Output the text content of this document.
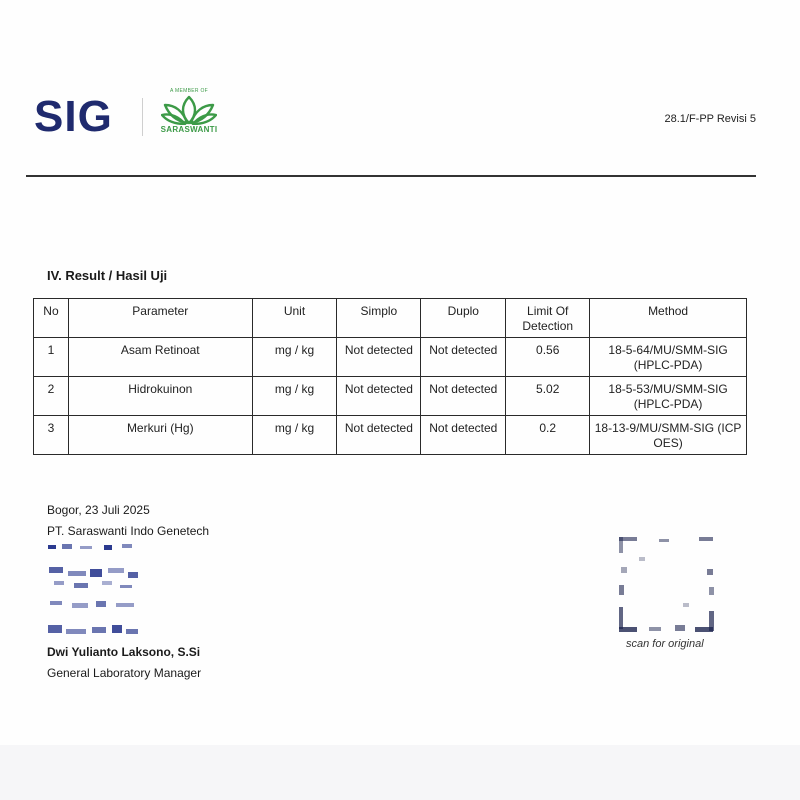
SIG
A MEMBER OF
SARASWANTI
28.1/F-PP Revisi 5
IV. Result / Hasil Uji
No	Parameter	Unit	Simplo	Duplo	Limit Of Detection	Method
1	Asam Retinoat	mg / kg	Not detected	Not detected	0.56	18-5-64/MU/SMM-SIG (HPLC-PDA)
2	Hidrokuinon	mg / kg	Not detected	Not detected	5.02	18-5-53/MU/SMM-SIG (HPLC-PDA)
3	Merkuri (Hg)	mg / kg	Not detected	Not detected	0.2	18-13-9/MU/SMM-SIG (ICP OES)
Bogor, 23 Juli 2025
PT. Saraswanti Indo Genetech
Dwi Yulianto Laksono, S.Si
General Laboratory Manager
scan for original
